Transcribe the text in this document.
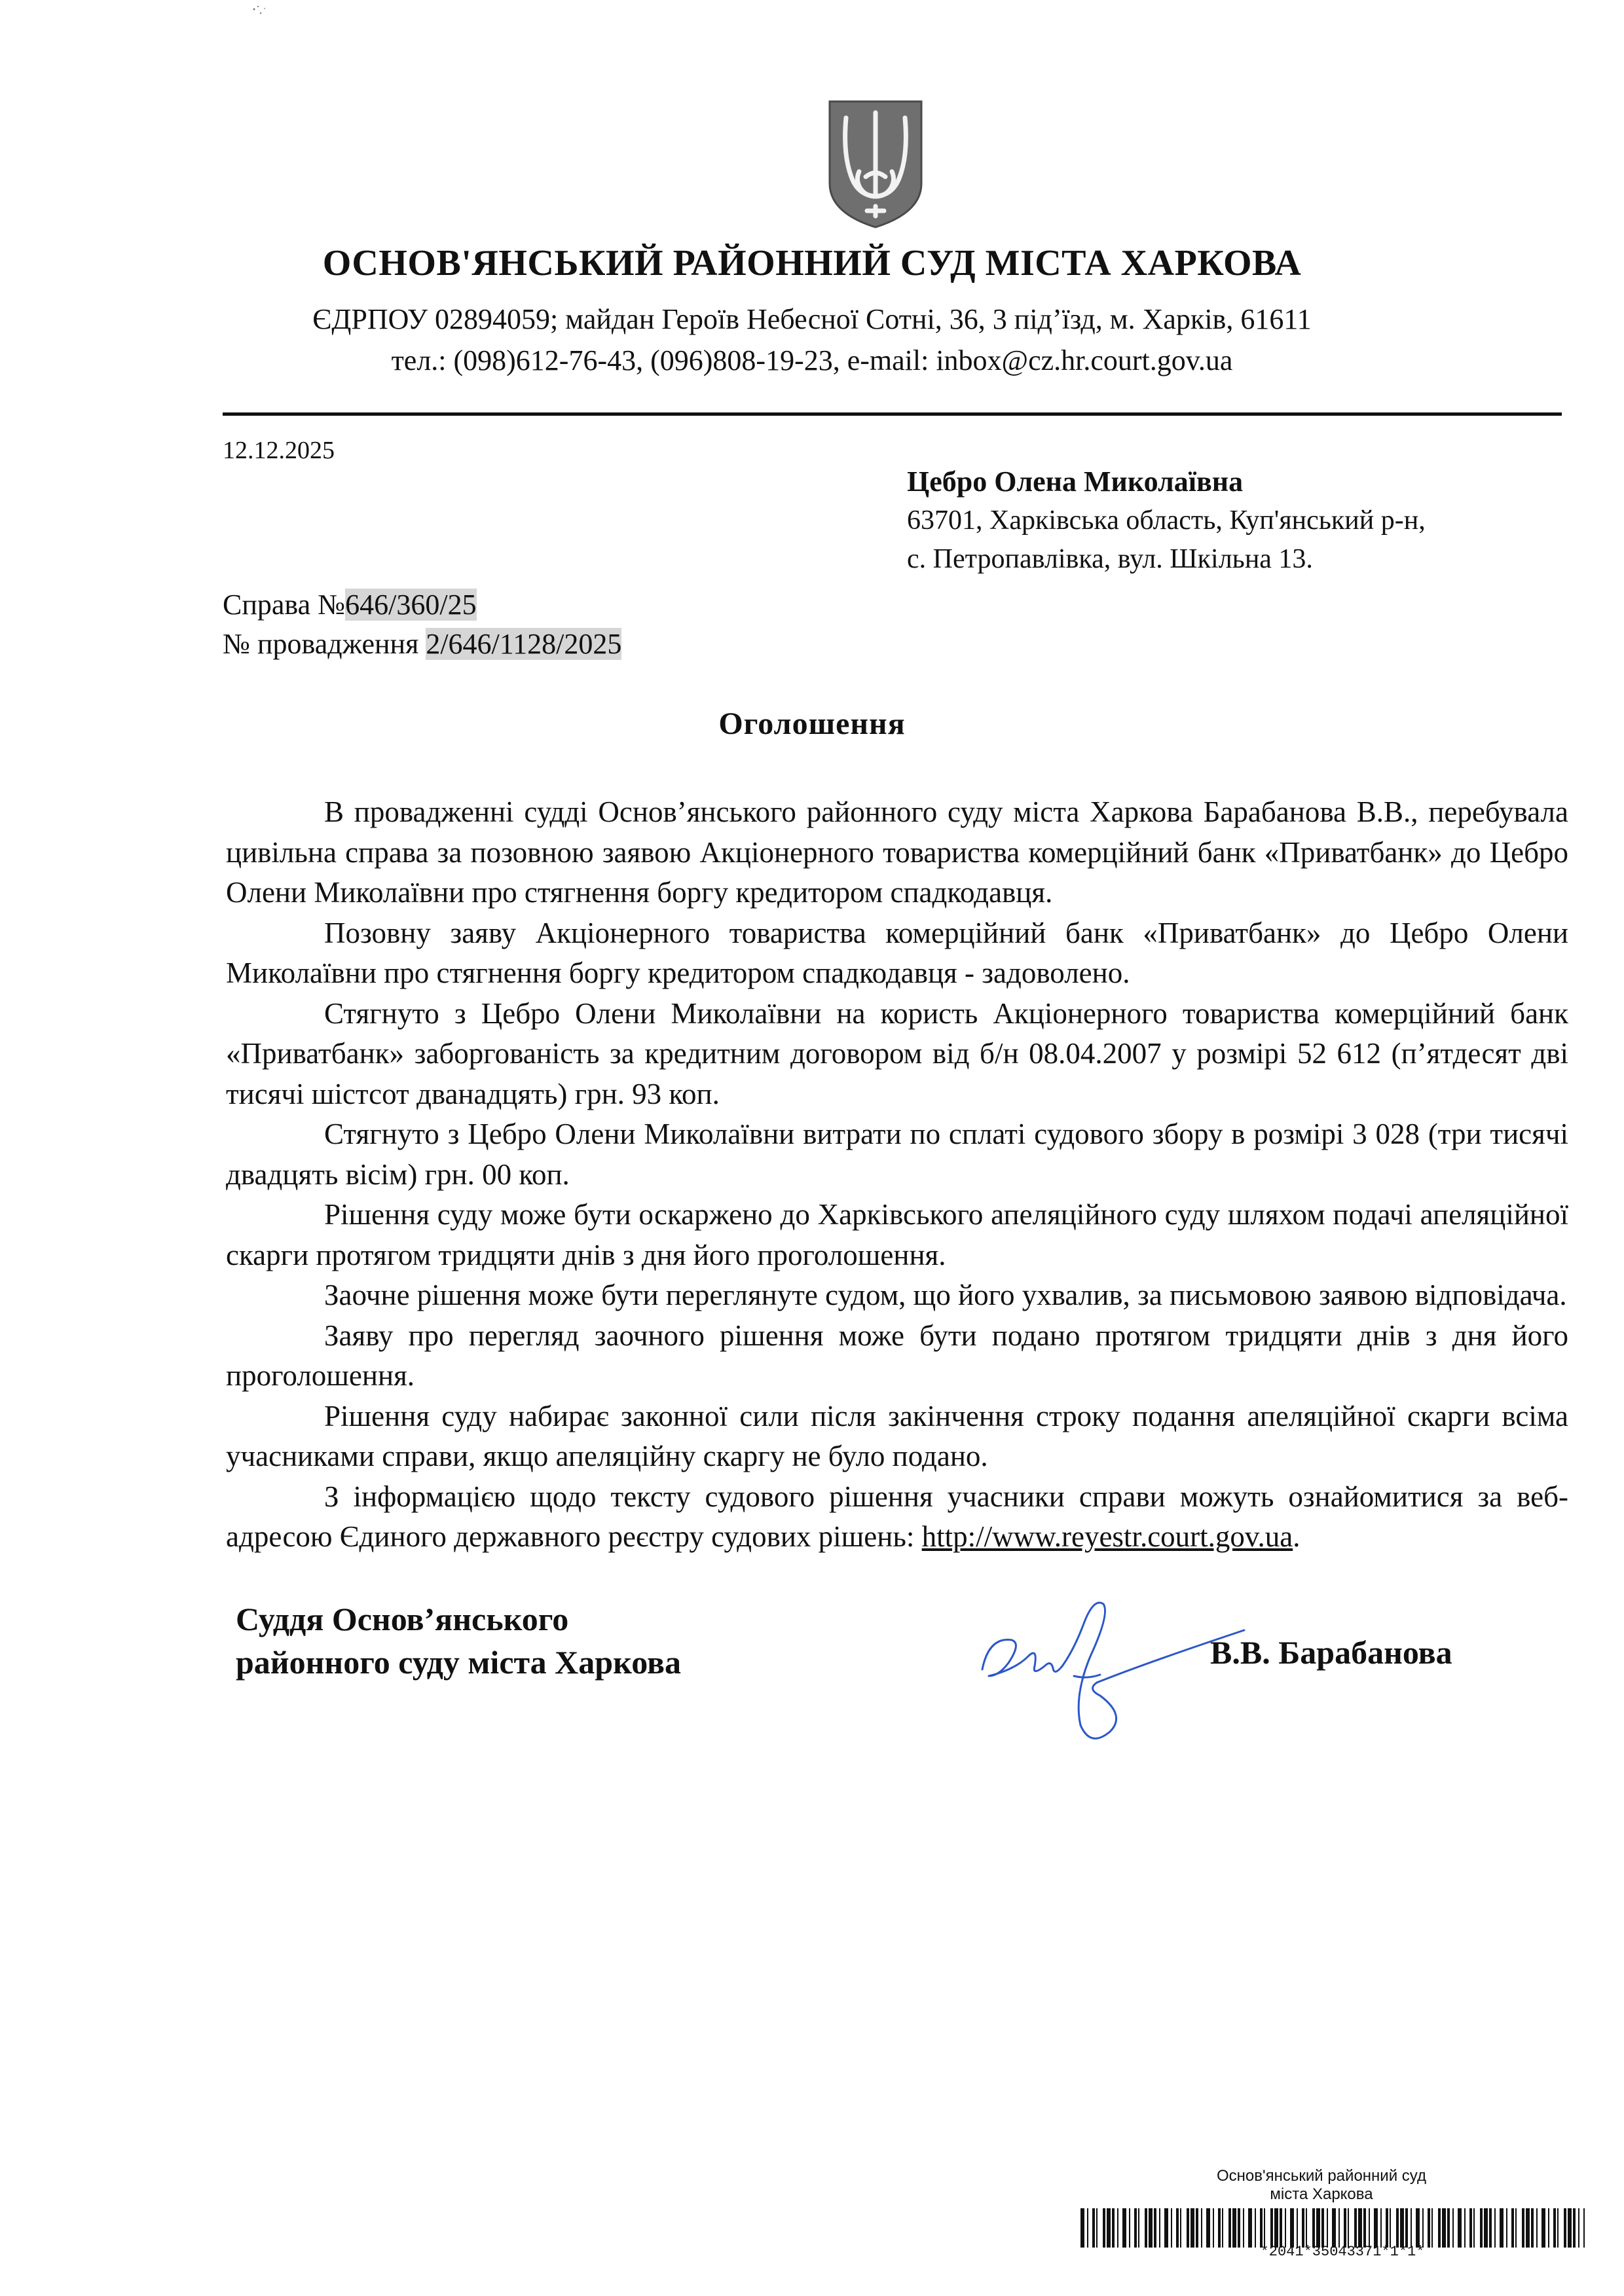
ОСНОВ'ЯНСЬКИЙ РАЙОННИЙ СУД МІСТА ХАРКОВА
ЄДРПОУ 02894059; майдан Героїв Небесної Сотні, 36, 3 під’їзд, м. Харків, 61611
тел.: (098)612-76-43, (096)808-19-23, e-mail: inbox@cz.hr.court.gov.ua
12.12.2025
Цебро Олена Миколаївна
63701, Харківська область, Куп'янський р-н,
с. Петропавлівка, вул. Шкільна 13.
Справа №646/360/25
№ провадження 2/646/1128/2025
Оголошення

В провадженні судді Основ’янського районного суду міста Харкова Барабанова В.В., перебувала цивільна справа за позовною заявою Акціонерного товариства комерційний банк «Приватбанк» до Цебро Олени Миколаївни про стягнення боргу кредитором спадкодавця.

Позовну заяву Акціонерного товариства комерційний банк «Приватбанк» до Цебро Олени Миколаївни про стягнення боргу кредитором спадкодавця - задоволено.

Стягнуто з Цебро Олени Миколаївни на користь Акціонерного товариства комерційний банк «Приватбанк» заборгованість за кредитним договором від б/н 08.04.2007 у розмірі 52 612 (п’ятдесят дві тисячі шістсот дванадцять) грн. 93 коп.

Стягнуто з Цебро Олени Миколаївни витрати по сплаті судового збору в розмірі 3 028 (три тисячі двадцять вісім) грн. 00 коп.

Рішення суду може бути оскаржено до Харківського апеляційного суду шляхом подачі апеляційної скарги протягом тридцяти днів з дня його проголошення.

Заочне рішення може бути переглянуте судом, що його ухвалив, за письмовою заявою відповідача.

Заяву про перегляд заочного рішення може бути подано протягом тридцяти днів з дня його проголошення.

Рішення суду набирає законної сили після закінчення строку подання апеляційної скарги всіма учасниками справи, якщо апеляційну скаргу не було подано.

З інформацією щодо тексту судового рішення учасники справи можуть ознайомитися за веб-адресою Єдиного державного реєстру судових рішень: http://www.reyestr.court.gov.ua.

Суддя Основ’янського
районного суду міста Харкова	В.В. Барабанова
Основ'янський районний суд
міста Харкова
*2041*35043371*1*1*
